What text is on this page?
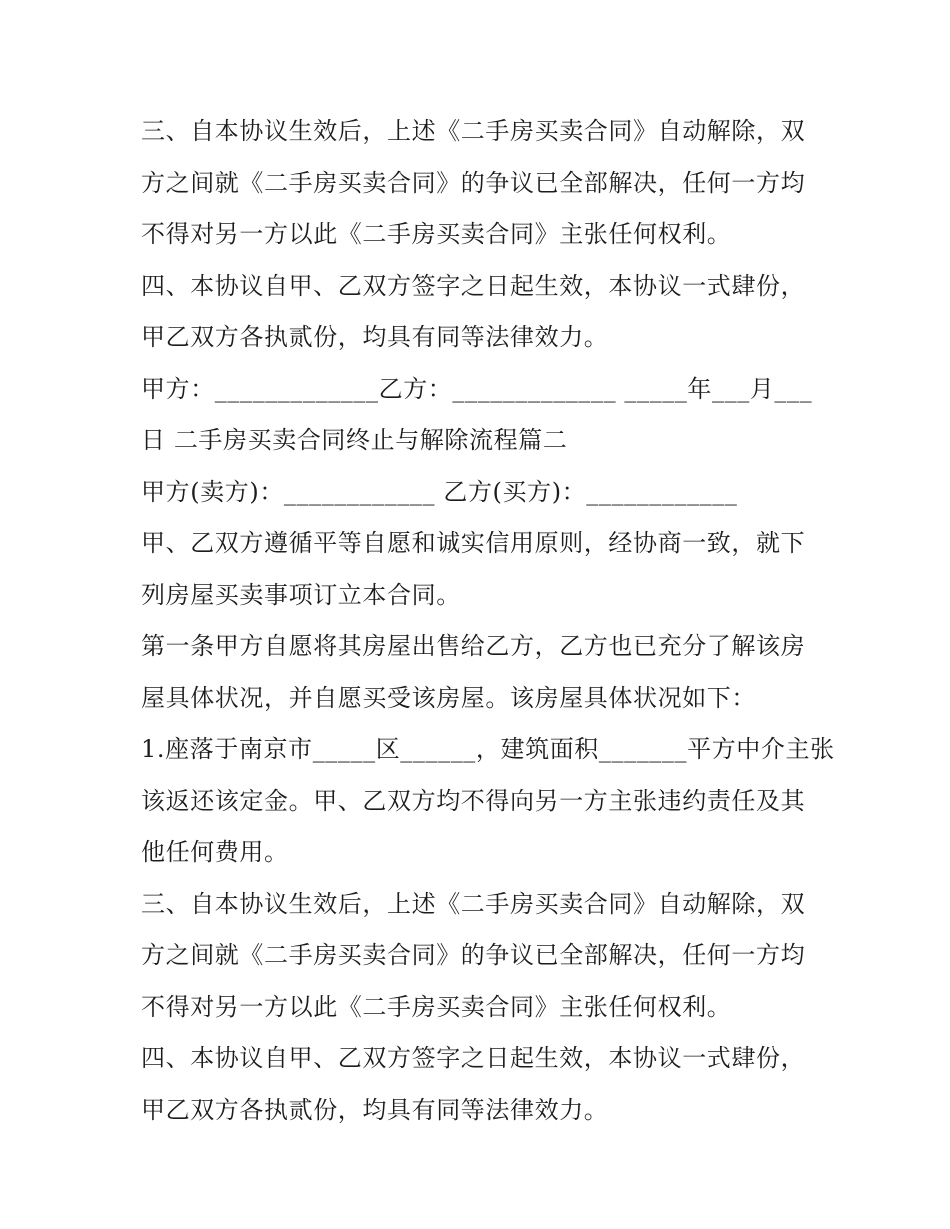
三、自本协议生效后，上述《二手房买卖合同》自动解除，双
方之间就《二手房买卖合同》的争议已全部解决，任何一方均
不得对另一方以此《二手房买卖合同》主张任何权利。
四、本协议自甲、乙双方签字之日起生效，本协议一式肆份，
甲乙双方各执贰份，均具有同等法律效力。
甲方：_____________乙方：_____________ _____年___月___
日 二手房买卖合同终止与解除流程篇二
甲方(卖方)：____________ 乙方(买方)：____________
甲、乙双方遵循平等自愿和诚实信用原则，经协商一致，就下
列房屋买卖事项订立本合同。
第一条甲方自愿将其房屋出售给乙方，乙方也已充分了解该房
屋具体状况，并自愿买受该房屋。该房屋具体状况如下：
1.座落于南京市_____区______，建筑面积_______平方中介主张
该返还该定金。甲、乙双方均不得向另一方主张违约责任及其
他任何费用。
三、自本协议生效后，上述《二手房买卖合同》自动解除，双
方之间就《二手房买卖合同》的争议已全部解决，任何一方均
不得对另一方以此《二手房买卖合同》主张任何权利。
四、本协议自甲、乙双方签字之日起生效，本协议一式肆份，
甲乙双方各执贰份，均具有同等法律效力。
